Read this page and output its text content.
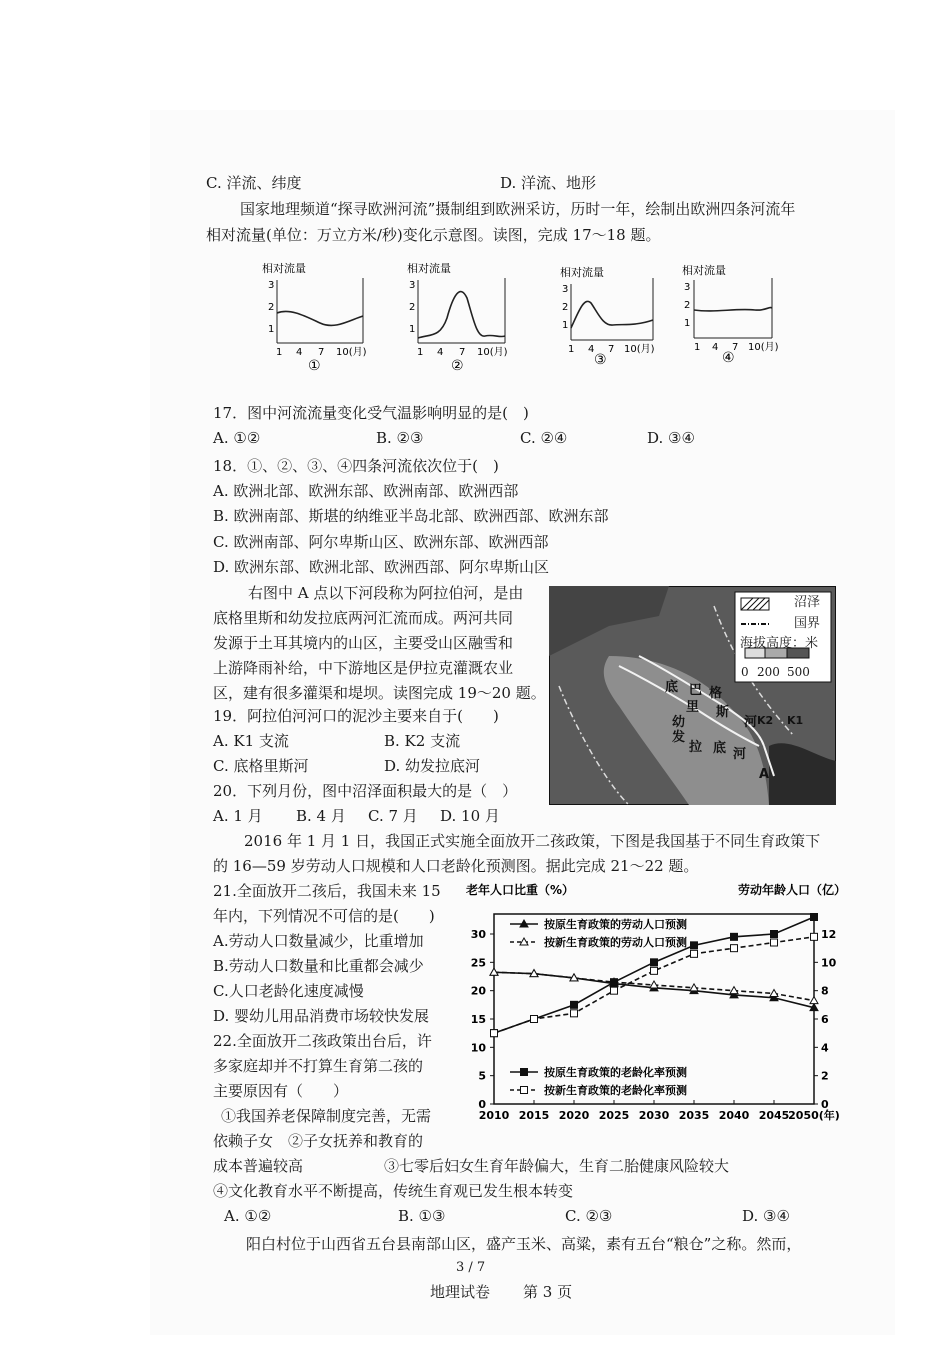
C. 洋流、纬度	D. 洋流、地形
国家地理频道“探寻欧洲河流”摄制组到欧洲采访，历时一年，绘制出欧洲四条河流年
相对流量(单位：万立方米/秒)变化示意图。读图，完成 17～18 题。
相对流量
3
2
1
1 4 7 10(月)
①
相对流量
3
2
1
1 4 7 10(月)
②
相对流量
3
2
1
1 4 7 10(月)
③
相对流量
3
2
1
1 4 7 10(月)
④
17．图中河流流量变化受气温影响明显的是(　)
A. ①②	B. ②③	C. ②④	D. ③④
18．①、②、③、④四条河流依次位于(　)
A. 欧洲北部、欧洲东部、欧洲南部、欧洲西部
B. 欧洲南部、斯堪的纳维亚半岛北部、欧洲西部、欧洲东部
C. 欧洲南部、阿尔卑斯山区、欧洲东部、欧洲西部
D. 欧洲东部、欧洲北部、欧洲西部、阿尔卑斯山区
右图中 A 点以下河段称为阿拉伯河，是由
底格里斯和幼发拉底两河汇流而成。两河共同
发源于土耳其境内的山区，主要受山区融雪和
上游降雨补给，中下游地区是伊拉克灌溉农业
区，建有很多灌渠和堤坝。读图完成 19～20 题。	底 巴 格
里 斯
河
幼
发
拉 底 河
K2 K1
A
沼泽
国界
海拔高度：米
0 200 500
19．阿拉伯河河口的泥沙主要来自于(　　)
A. K1 支流	B. K2 支流
C. 底格里斯河	D. 幼发拉底河
20．下列月份，图中沼泽面积最大的是（　）
A. 1 月 B. 4 月 C. 7 月 D. 10 月
2016 年 1 月 1 日，我国正式实施全面放开二孩政策，下图是我国基于不同生育政策下
的 16—59 岁劳动人口规模和人口老龄化预测图。据此完成 21～22 题。
21.全面放开二孩后，我国未来 15
年内，下列情况不可信的是(　　)
A.劳动人口数量减少，比重增加
B.劳动人口数量和比重都会减少
C.人口老龄化速度减慢
D. 婴幼儿用品消费市场较快发展
22.全面放开二孩政策出台后，许
多家庭却并不打算生育第二孩的
主要原因有（　　）
①我国养老保障制度完善，无需
依赖子女　②子女抚养和教育的
成本普遍较高	③七零后妇女生育年龄偏大，生育二胎健康风险较大
④文化教育水平不断提高，传统生育观已发生根本转变
A. ①②	B. ①③	C. ②③	D. ③④
老年人口比重（%）	劳动年龄人口（亿）
0
5
10
15
20
25
30
0
2
4
6
8
10
12
2010 2015 2020 2025 2030 2035 2040 2045
2050(年)
按原生育政策的劳动人口预测
按新生育政策的劳动人口预测
按原生育政策的老龄化率预测
按新生育政策的老龄化率预测
阳白村位于山西省五台县南部山区，盛产玉米、高粱，素有五台“粮仓”之称。然而，
3 / 7
地理试卷 第 3 页
